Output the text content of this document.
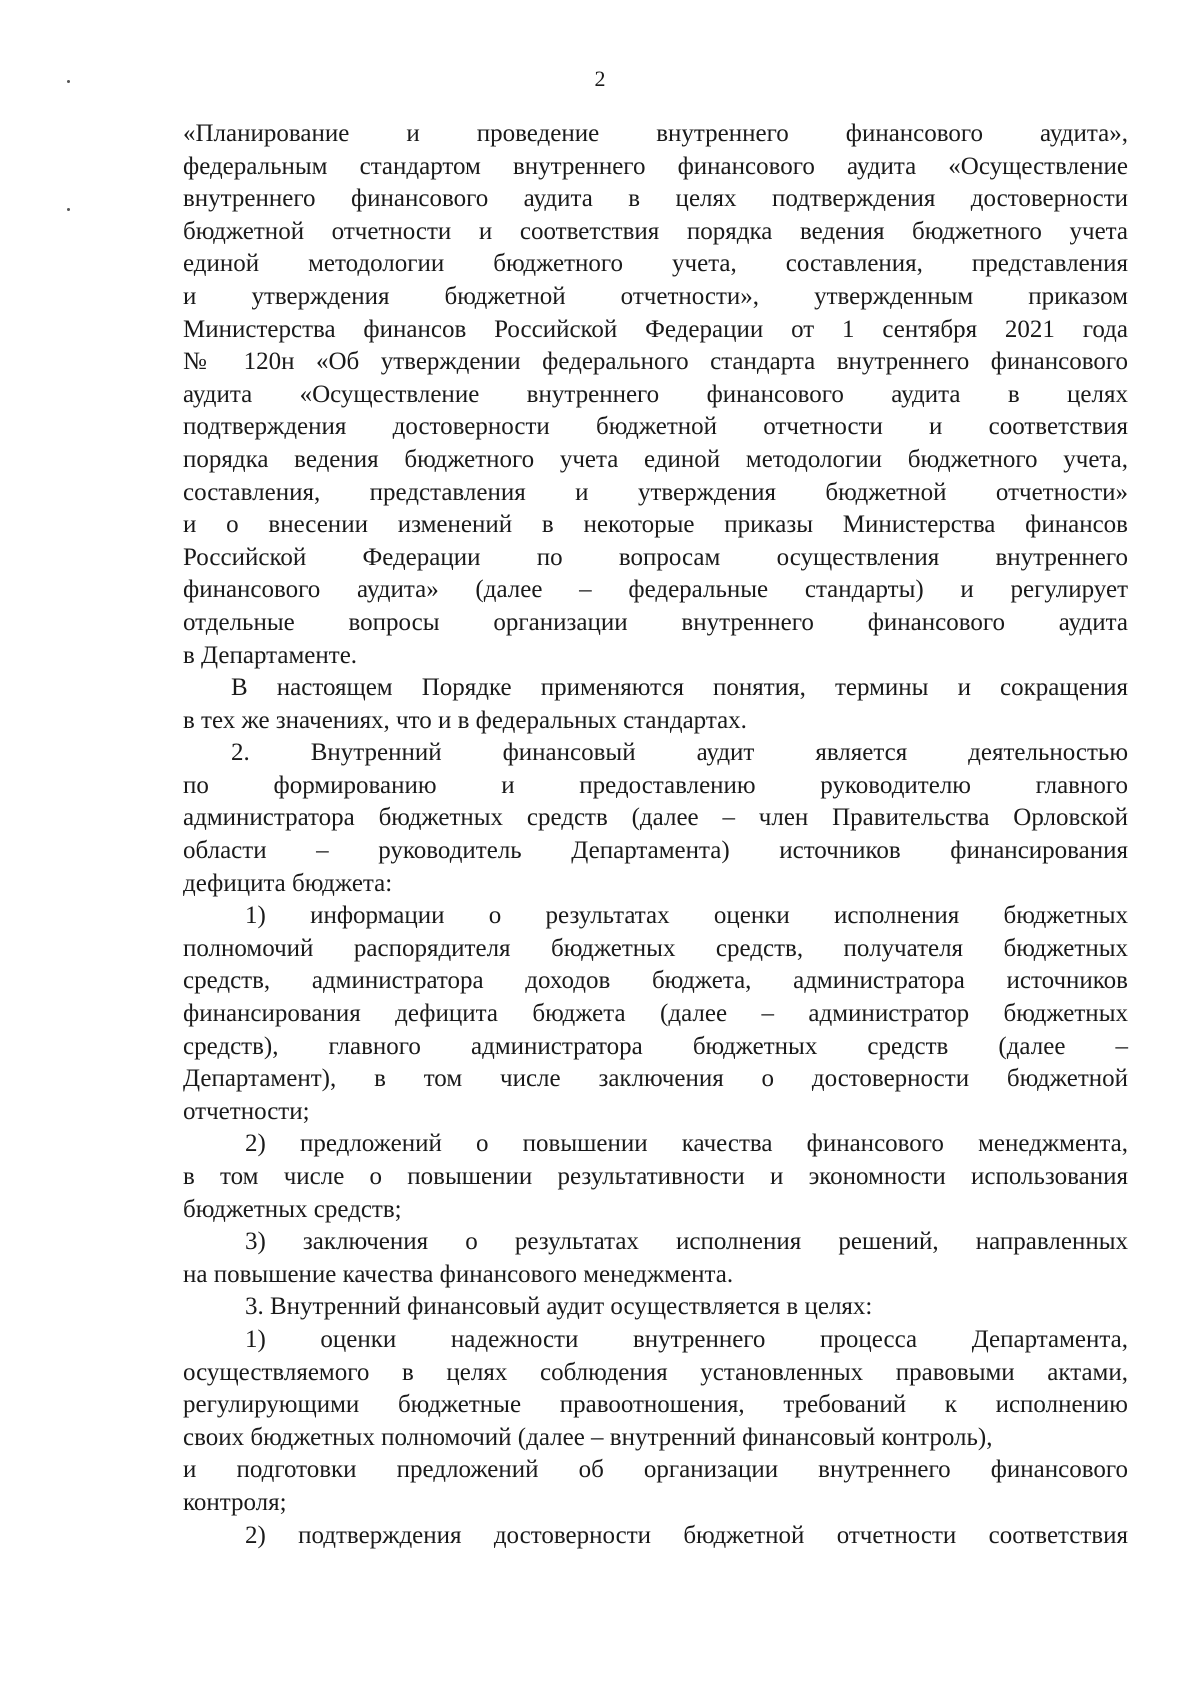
2
«Планирование и проведение внутреннего финансового аудита»,
федеральным стандартом внутреннего финансового аудита «Осуществление
внутреннего финансового аудита в целях подтверждения достоверности
бюджетной отчетности и соответствия порядка ведения бюджетного учета
единой методологии бюджетного учета, составления, представления
и утверждения бюджетной отчетности», утвержденным приказом
Министерства финансов Российской Федерации от 1 сентября 2021 года
№ 120н «Об утверждении федерального стандарта внутреннего финансового
аудита «Осуществление внутреннего финансового аудита в целях
подтверждения достоверности бюджетной отчетности и соответствия
порядка ведения бюджетного учета единой методологии бюджетного учета,
составления, представления и утверждения бюджетной отчетности»
и о внесении изменений в некоторые приказы Министерства финансов
Российской Федерации по вопросам осуществления внутреннего
финансового аудита» (далее – федеральные стандарты) и регулирует
отдельные вопросы организации внутреннего финансового аудита
в Департаменте.
В настоящем Порядке применяются понятия, термины и сокращения
в тех же значениях, что и в федеральных стандартах.
2. Внутренний финансовый аудит является деятельностью
по формированию и предоставлению руководителю главного
администратора бюджетных средств (далее – член Правительства Орловской
области – руководитель Департамента) источников финансирования
дефицита бюджета:
1) информации о результатах оценки исполнения бюджетных
полномочий распорядителя бюджетных средств, получателя бюджетных
средств, администратора доходов бюджета, администратора источников
финансирования дефицита бюджета (далее – администратор бюджетных
средств), главного администратора бюджетных средств (далее –
Департамент), в том числе заключения о достоверности бюджетной
отчетности;
2) предложений о повышении качества финансового менеджмента,
в том числе о повышении результативности и экономности использования
бюджетных средств;
3) заключения о результатах исполнения решений, направленных
на повышение качества финансового менеджмента.
3. Внутренний финансовый аудит осуществляется в целях:
1) оценки надежности внутреннего процесса Департамента,
осуществляемого в целях соблюдения установленных правовыми актами,
регулирующими бюджетные правоотношения, требований к исполнению
своих бюджетных полномочий (далее – внутренний финансовый контроль),
и подготовки предложений об организации внутреннего финансового
контроля;
2) подтверждения достоверности бюджетной отчетности соответствия
